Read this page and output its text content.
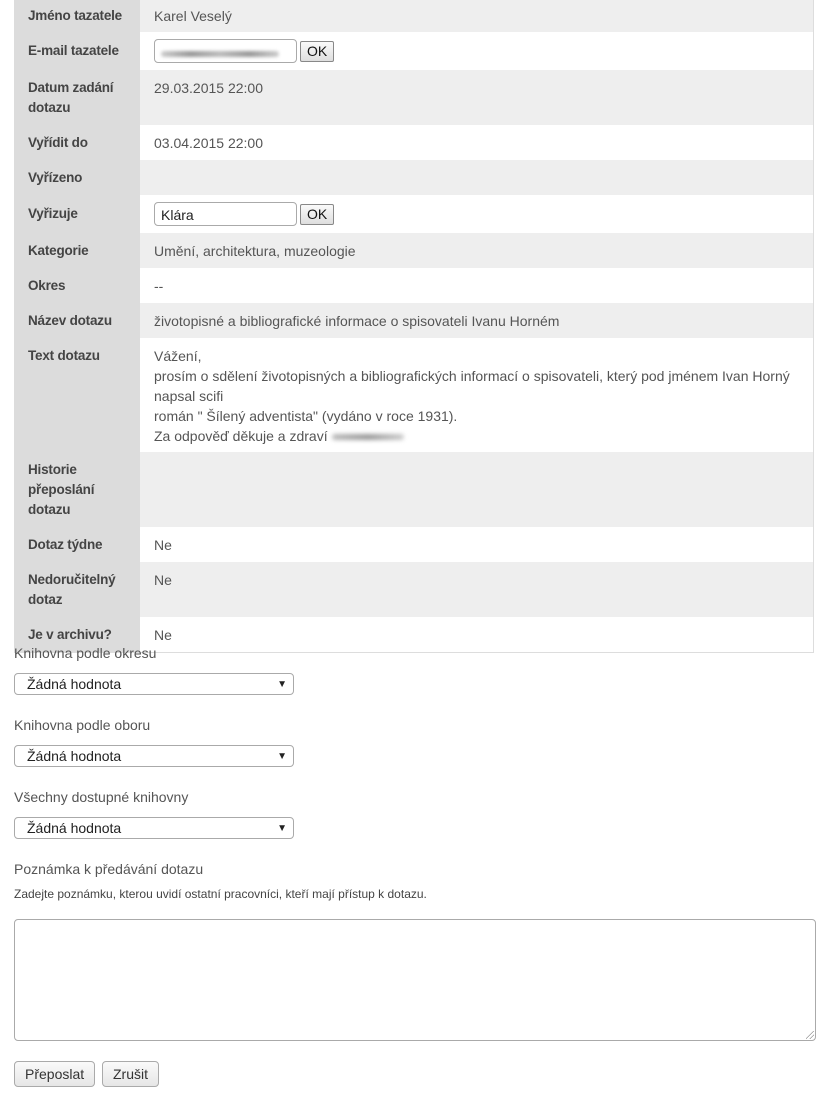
Jméno tazatele	Karel Veselý
E-mail tazatele	OK
Datum zadání dotazu	29.03.2015 22:00
Vyřídit do	03.04.2015 22:00
Vyřízeno	
Vyřizuje	Klára OK
Kategorie	Umění, architektura, muzeologie
Okres	--
Název dotazu	životopisné a bibliografické informace o spisovateli Ivanu Horném
Text dotazu	Vážení,
prosím o sdělení životopisných a bibliografických informací o spisovateli, který pod jménem Ivan Horný napsal scifi
román " Šílený adventista" (vydáno v roce 1931).
Za odpověď děkuje a zdraví

Historie přeposlání dotazu	
Dotaz týdne	Ne
Nedoručitelný dotaz	Ne
Je v archivu?	Ne
Knihovna podle okresu
Žádná hodnota	▼
Knihovna podle oboru
Žádná hodnota	▼
Všechny dostupné knihovny
Žádná hodnota	▼
Poznámka k předávání dotazu
Zadejte poznámku, kterou uvidí ostatní pracovníci, kteří mají přístup k dotazu.
Přeposlat	Zrušit
